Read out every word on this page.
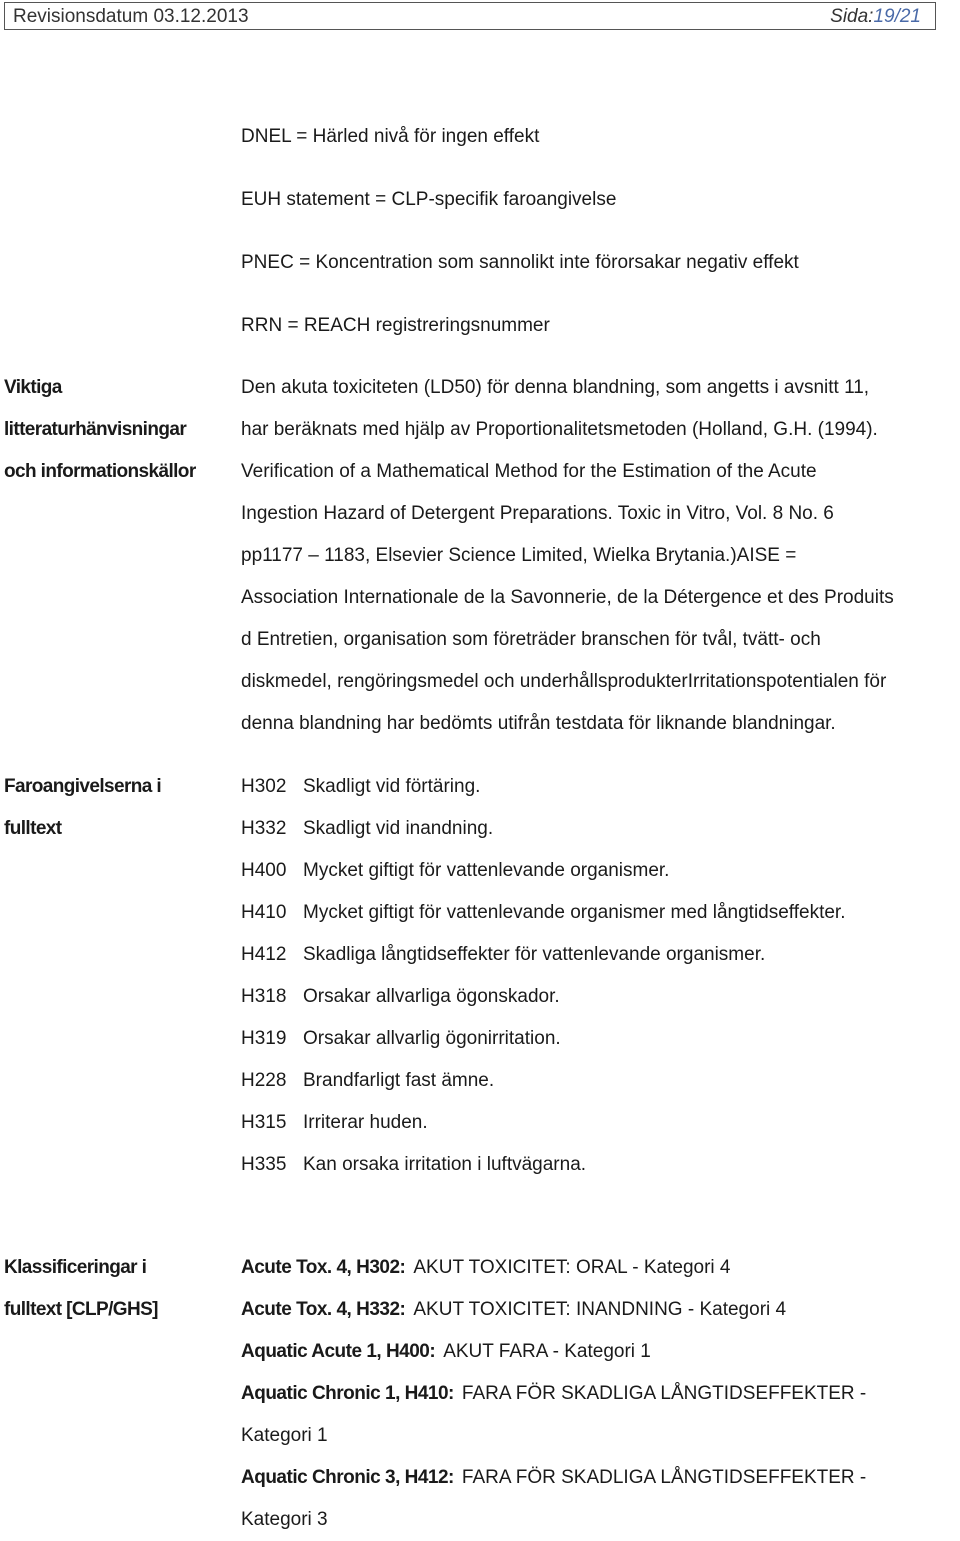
Revisionsdatum 03.12.2013	Sida:19/21
DNEL = Härled nivå för ingen effekt
EUH statement = CLP-specifik faroangivelse
PNEC = Koncentration som sannolikt inte förorsakar negativ effekt
RRN = REACH registreringsnummer
Viktiga
litteraturhänvisningar
och informationskällor
Den akuta toxiciteten (LD50) för denna blandning, som angetts i avsnitt 11,
har beräknats med hjälp av Proportionalitetsmetoden (Holland, G.H. (1994).
Verification of a Mathematical Method for the Estimation of the Acute
Ingestion Hazard of Detergent Preparations. Toxic in Vitro, Vol. 8 No. 6
pp1177 – 1183, Elsevier Science Limited, Wielka Brytania.)AISE =
Association Internationale de la Savonnerie, de la Détergence et des Produits
d Entretien, organisation som företräder branschen för tvål, tvätt- och
diskmedel, rengöringsmedel och underhållsprodukterIrritationspotentialen för
denna blandning har bedömts utifrån testdata för liknande blandningar.
Faroangivelserna i
fulltext
H302 Skadligt vid förtäring.
H332 Skadligt vid inandning.
H400 Mycket giftigt för vattenlevande organismer.
H410 Mycket giftigt för vattenlevande organismer med långtidseffekter.
H412 Skadliga långtidseffekter för vattenlevande organismer.
H318 Orsakar allvarliga ögonskador.
H319 Orsakar allvarlig ögonirritation.
H228 Brandfarligt fast ämne.
H315 Irriterar huden.
H335 Kan orsaka irritation i luftvägarna.
Klassificeringar i
fulltext [CLP/GHS]
Acute Tox. 4, H302: AKUT TOXICITET: ORAL - Kategori 4
Acute Tox. 4, H332: AKUT TOXICITET: INANDNING - Kategori 4
Aquatic Acute 1, H400: AKUT FARA - Kategori 1
Aquatic Chronic 1, H410: FARA FÖR SKADLIGA LÅNGTIDSEFFEKTER -
Kategori 1
Aquatic Chronic 3, H412: FARA FÖR SKADLIGA LÅNGTIDSEFFEKTER -
Kategori 3
